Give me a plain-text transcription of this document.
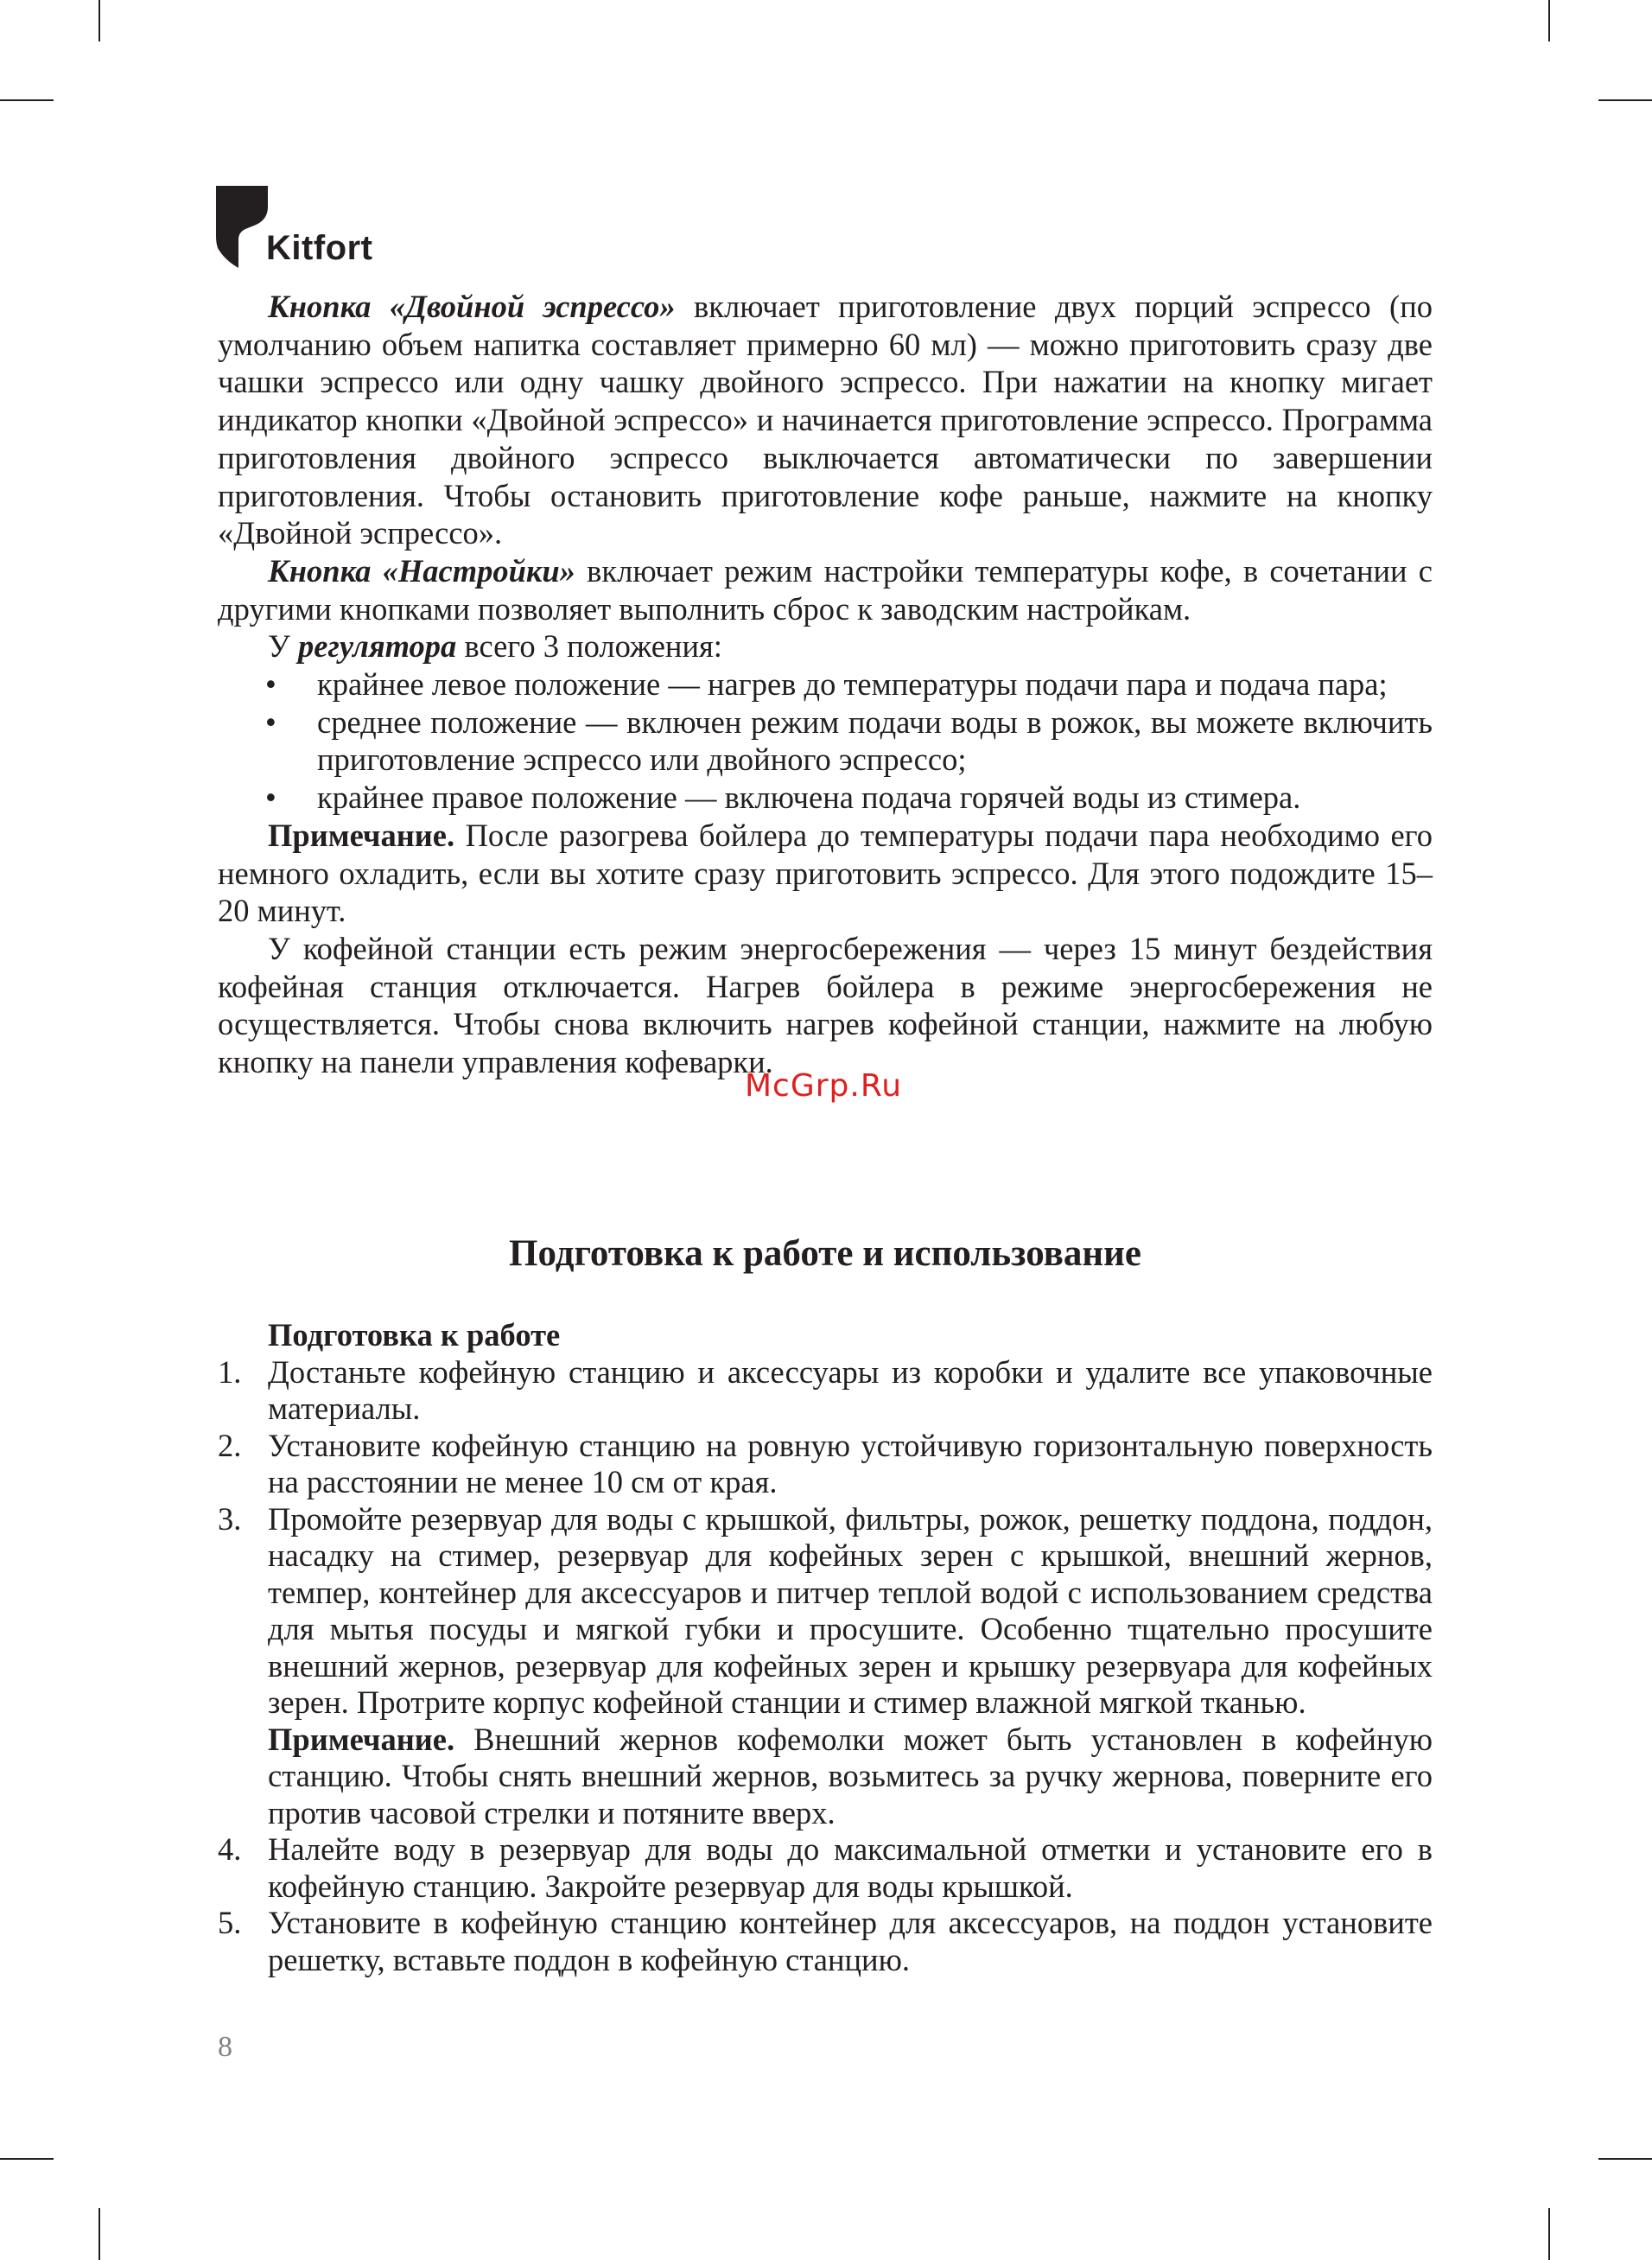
Kitfort

Кнопка «Двойной эспрессо» включает приготовление двух порций эспрессо (по умолчанию объем напитка составляет примерно 60 мл) — можно приготовить сразу две чашки эспрессо или одну чашку двойного эспрессо. При нажатии на кнопку мигает индикатор кнопки «Двойной эспрессо» и начинается приготовление эспрессо. Программа приготовления двойного эспрессо выключается автоматически по завершении приготовления. Чтобы остановить приготовление кофе раньше, нажмите на кнопку «Двойной эспрессо».

Кнопка «Настройки» включает режим настройки температуры кофе, в сочетании с другими кнопками позволяет выполнить сброс к заводским настройкам.

У регулятора всего 3 положения:

• крайнее левое положение — нагрев до температуры подачи пара и подача пара;
• среднее положение — включен режим подачи воды в рожок, вы можете включить приготовление эспрессо или двойного эспрессо;
• крайнее правое положение — включена подача горячей воды из стимера.

Примечание. После разогрева бойлера до температуры подачи пара необходимо его немного охладить, если вы хотите сразу приготовить эспрессо. Для этого подождите 15–20 минут.

У кофейной станции есть режим энергосбережения — через 15 минут бездействия кофейная станция отключается. Нагрев бойлера в режиме энергосбережения не осуществляется. Чтобы снова включить нагрев кофейной станции, нажмите на любую кнопку на панели управления кофеварки.

McGrp.Ru
Подготовка к работе и использование
Подготовка к работе
1. Достаньте кофейную станцию и аксессуары из коробки и удалите все упаковочные материалы.
2. Установите кофейную станцию на ровную устойчивую горизонтальную поверхность на расстоянии не менее 10 см от края.
3. Промойте резервуар для воды с крышкой, фильтры, рожок, решетку поддона, поддон, насадку на стимер, резервуар для кофейных зерен с крышкой, внешний жернов, темпер, контейнер для аксессуаров и питчер теплой водой с использованием средства для мытья посуды и мягкой губки и просушите. Особенно тщательно просушите внешний жернов, резервуар для кофейных зерен и крышку резервуара для кофейных зерен. Протрите корпус кофейной станции и стимер влажной мягкой тканью.

Примечание. Внешний жернов кофемолки может быть установлен в кофейную станцию. Чтобы снять внешний жернов, возьмитесь за ручку жернова, поверните его против часовой стрелки и потяните вверх.

4. Налейте воду в резервуар для воды до максимальной отметки и установите его в кофейную станцию. Закройте резервуар для воды крышкой.
5. Установите в кофейную станцию контейнер для аксессуаров, на поддон установите решетку, вставьте поддон в кофейную станцию.
8
